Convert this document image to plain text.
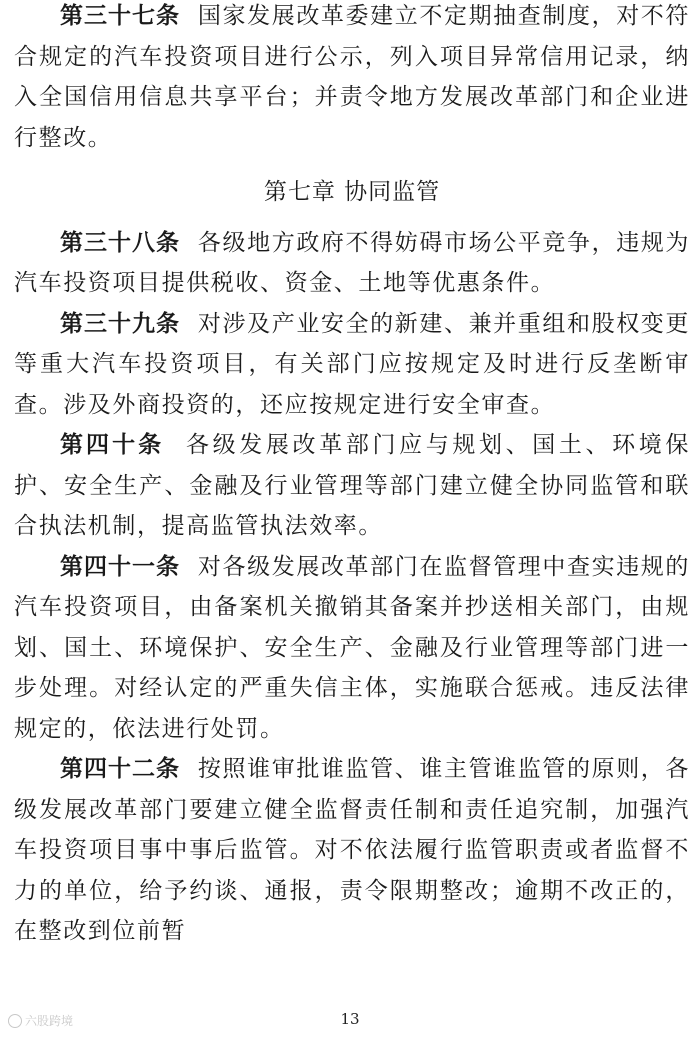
第三十七条 国家发展改革委建立不定期抽查制度，对不符合规定的汽车投资项目进行公示，列入项目异常信用记录，纳入全国信用信息共享平台；并责令地方发展改革部门和企业进行整改。

第七章 协同监管

第三十八条 各级地方政府不得妨碍市场公平竞争，违规为汽车投资项目提供税收、资金、土地等优惠条件。

第三十九条 对涉及产业安全的新建、兼并重组和股权变更等重大汽车投资项目，有关部门应按规定及时进行反垄断审查。涉及外商投资的，还应按规定进行安全审查。

第四十条 各级发展改革部门应与规划、国土、环境保护、安全生产、金融及行业管理等部门建立健全协同监管和联合执法机制，提高监管执法效率。

第四十一条 对各级发展改革部门在监督管理中查实违规的汽车投资项目，由备案机关撤销其备案并抄送相关部门，由规划、国土、环境保护、安全生产、金融及行业管理等部门进一步处理。对经认定的严重失信主体，实施联合惩戒。违反法律规定的，依法进行处罚。

第四十二条 按照谁审批谁监管、谁主管谁监管的原则，各级发展改革部门要建立健全监督责任制和责任追究制，加强汽车投资项目事中事后监管。对不依法履行监管职责或者监督不力的单位，给予约谈、通报，责令限期整改；逾期不改正的，在整改到位前暂

六股跨境	13
